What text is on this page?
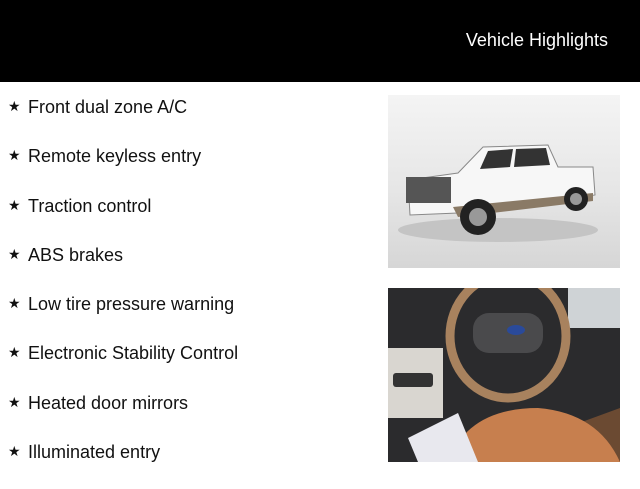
Vehicle Highlights
★ Front dual zone A/C
★ Remote keyless entry
★ Traction control
★ ABS brakes
★ Low tire pressure warning
★ Electronic Stability Control
★ Heated door mirrors
★ Illuminated entry
